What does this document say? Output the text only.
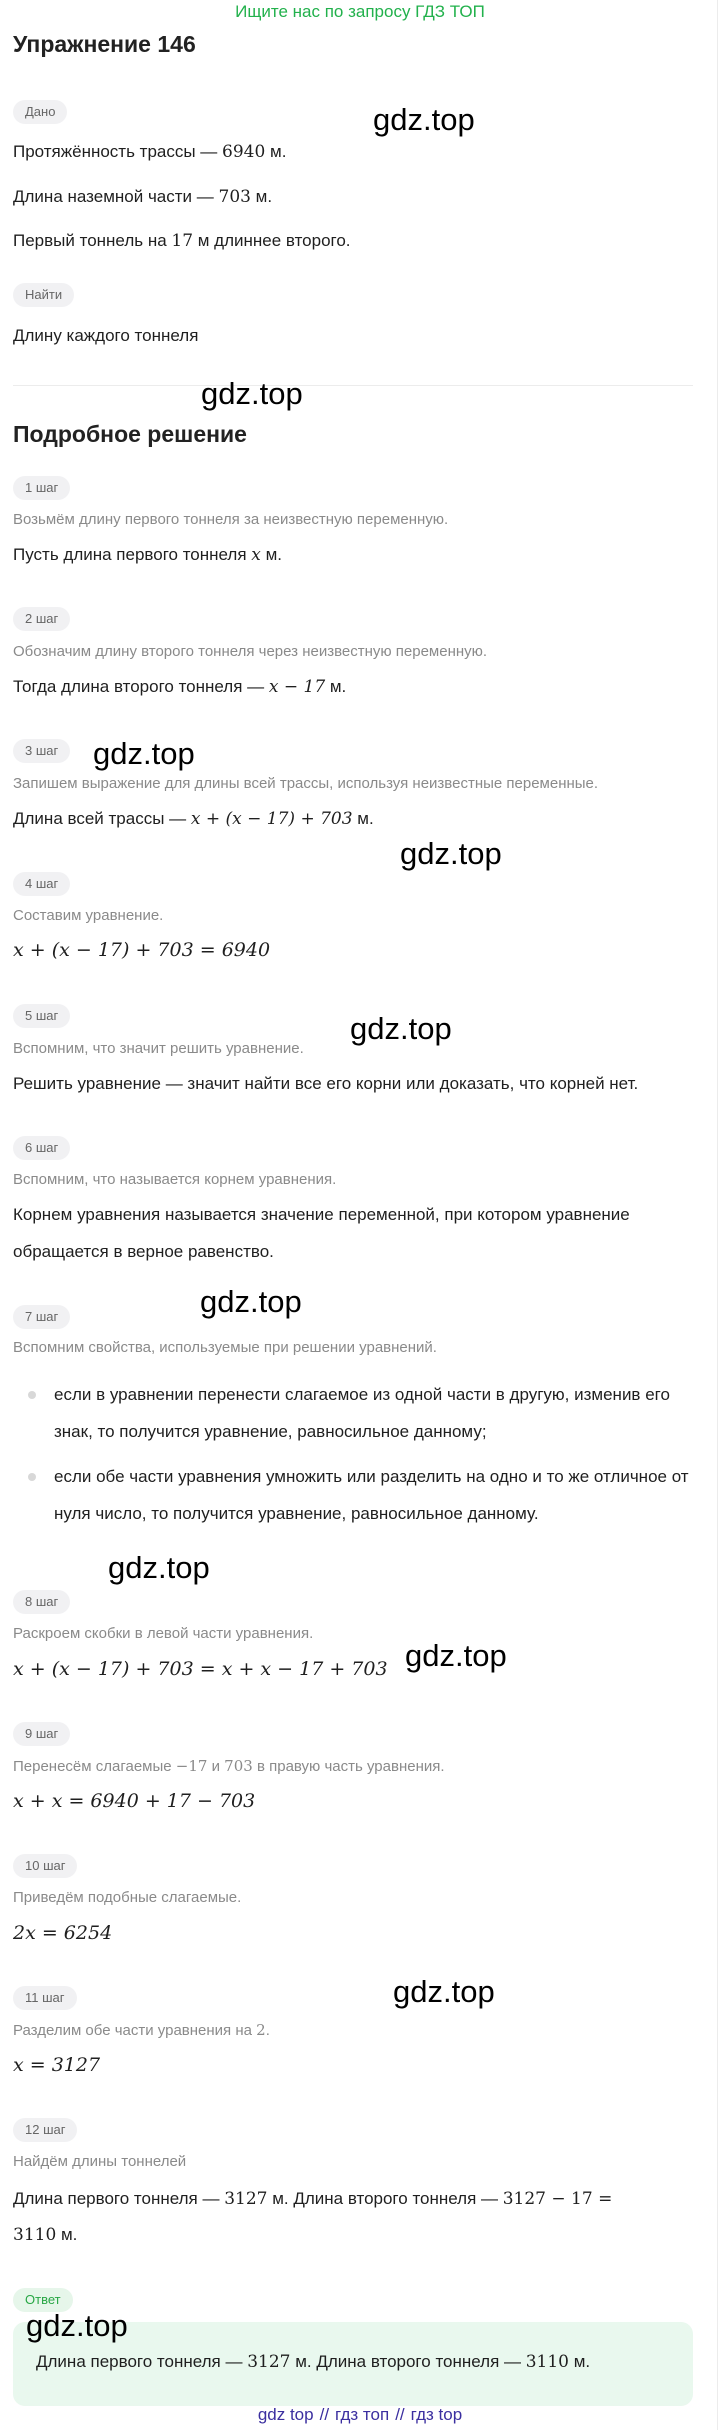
Ищите нас по запросу ГДЗ ТОП
Упражнение 146
Дано	gdz.top
Протяжённость трассы — 6940 м.
Длина наземной части — 703 м.
Первый тоннель на 17 м длиннее второго.
Найти
Длину каждого тоннеля
gdz.top
Подробное решение
1 шаг
Возьмём длину первого тоннеля за неизвестную переменную.
Пусть длина первого тоннеля x м.
2 шаг
Обозначим длину второго тоннеля через неизвестную переменную.
Тогда длина второго тоннеля — x − 17 м.
3 шаг	gdz.top
Запишем выражение для длины всей трассы, используя неизвестные переменные.
Длина всей трассы — x + (x − 17) + 703 м.
gdz.top
4 шаг
Составим уравнение.
x + (x − 17) + 703 = 6940
5 шаг	gdz.top
Вспомним, что значит решить уравнение.
Решить уравнение — значит найти все его корни или доказать, что корней нет.
6 шаг
Вспомним, что называется корнем уравнения.
Корнем уравнения называется значение переменной, при котором уравнение обращается в верное равенство.
gdz.top
7 шаг
Вспомним свойства, используемые при решении уравнений.
если в уравнении перенести слагаемое из одной части в другую, изменив его знак, то получится уравнение, равносильное данному;
если обе части уравнения умножить или разделить на одно и то же отличное от нуля число, то получится уравнение, равносильное данному.
gdz.top
8 шаг
Раскроем скобки в левой части уравнения.
gdz.top
x + (x − 17) + 703 = x + x − 17 + 703
9 шаг
Перенесём слагаемые −17 и 703 в правую часть уравнения.
x + x = 6940 + 17 − 703
10 шаг
Приведём подобные слагаемые.
2x = 6254
gdz.top
11 шаг
Разделим обе части уравнения на 2.
x = 3127
12 шаг
Найдём длины тоннелей
Длина первого тоннеля — 3127 м. Длина второго тоннеля — 3127 − 17 =
3110 м.
Ответ
gdz.top
Длина первого тоннеля — 3127 м. Длина второго тоннеля — 3110 м.
gdz top // гдз топ // гдз top
